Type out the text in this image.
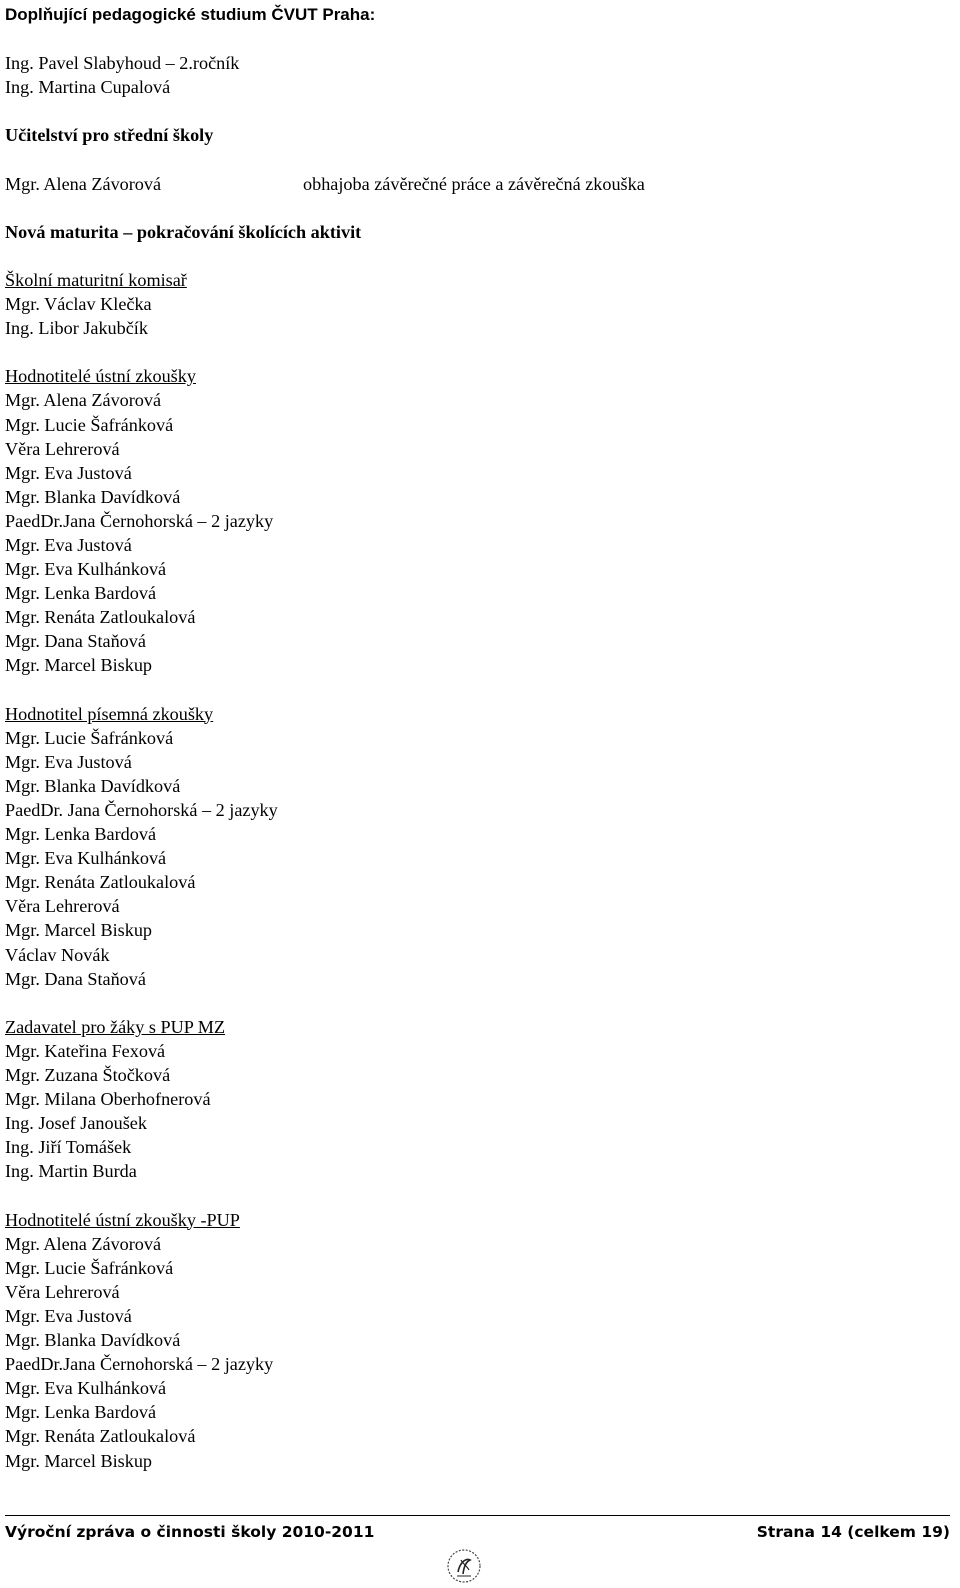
Doplňující pedagogické studium ČVUT Praha:
Ing. Pavel Slabyhoud – 2.ročník
Ing. Martina Cupalová
Učitelství pro střední školy
Mgr. Alena Závorová	obhajoba závěrečné práce a závěrečná zkouška
Nová maturita – pokračování školících aktivit
Školní maturitní komisař
Mgr. Václav Klečka
Ing. Libor Jakubčík
Hodnotitelé ústní zkoušky
Mgr. Alena Závorová
Mgr. Lucie Šafránková
Věra Lehrerová
Mgr. Eva Justová
Mgr. Blanka Davídková
PaedDr.Jana Černohorská – 2 jazyky
Mgr. Eva Justová
Mgr. Eva Kulhánková
Mgr. Lenka Bardová
Mgr. Renáta Zatloukalová
Mgr. Dana Staňová
Mgr. Marcel Biskup
Hodnotitel písemná zkoušky
Mgr. Lucie Šafránková
Mgr. Eva Justová
Mgr. Blanka Davídková
PaedDr. Jana Černohorská – 2 jazyky
Mgr. Lenka Bardová
Mgr. Eva Kulhánková
Mgr. Renáta Zatloukalová
Věra Lehrerová
Mgr. Marcel Biskup
Václav Novák
Mgr. Dana Staňová
Zadavatel pro žáky s PUP MZ
Mgr. Kateřina Fexová
Mgr. Zuzana Štočková
Mgr. Milana Oberhofnerová
Ing. Josef Janoušek
Ing. Jiří Tomášek
Ing. Martin Burda
Hodnotitelé ústní zkoušky -PUP
Mgr. Alena Závorová
Mgr. Lucie Šafránková
Věra Lehrerová
Mgr. Eva Justová
Mgr. Blanka Davídková
PaedDr.Jana Černohorská – 2 jazyky
Mgr. Eva Kulhánková
Mgr. Lenka Bardová
Mgr. Renáta Zatloukalová
Mgr. Marcel Biskup
Výroční zpráva o činnosti školy 2010-2011	Strana 14 (celkem 19)
